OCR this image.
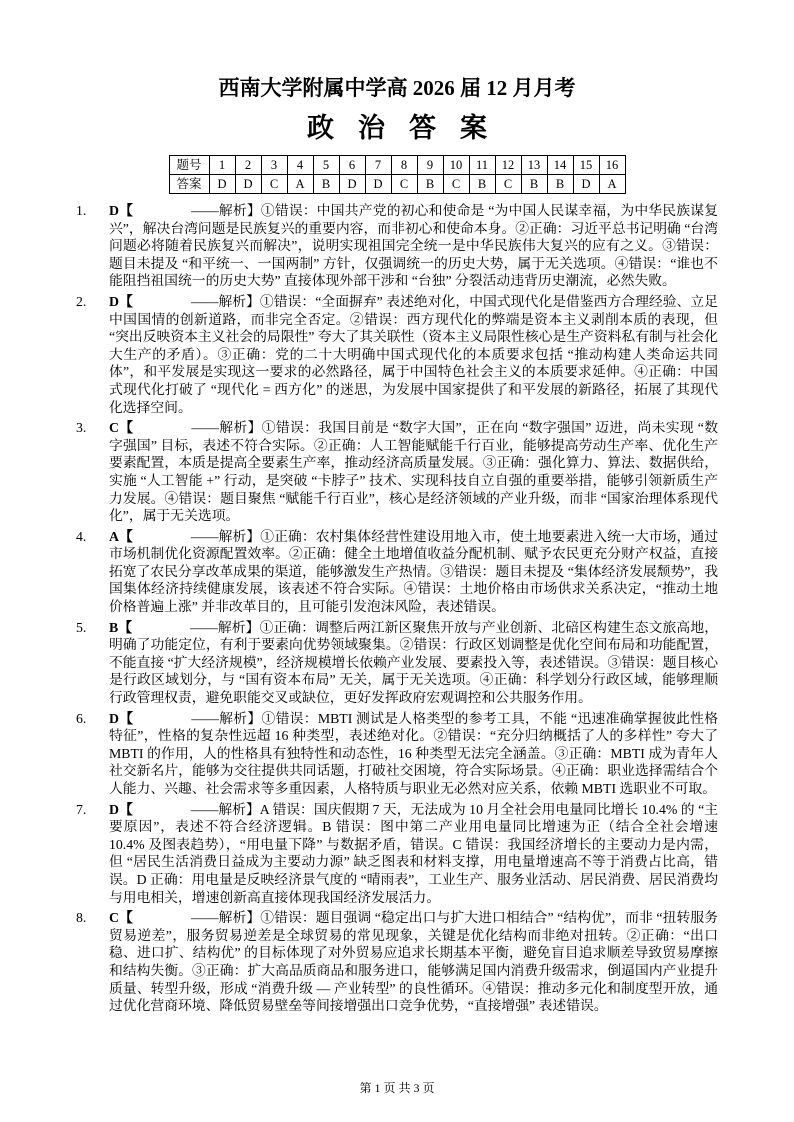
西南大学附属中学高 2026 届 12 月月考
政 治 答 案
题号	1	2	3	4	5	6	7	8	9	10	11	12	13	14	15	16
答案	D	D	C	A	B	D	D	C	B	C	B	C	B	B	D	A
1.	D【	——解析】①错误：中国共产党的初心和使命是 “为中国人民谋幸福，为中华民族谋复兴”，解决台湾问题是民族复兴的重要内容，而非初心和使命本身。②正确：习近平总书记明确 “台湾问题必将随着民族复兴而解决”，说明实现祖国完全统一是中华民族伟大复兴的应有之义。③错误：题目未提及 “和平统一、一国两制” 方针，仅强调统一的历史大势，属于无关选项。④错误：“谁也不能阻挡祖国统一的历史大势” 直接体现外部干涉和 “台独” 分裂活动违背历史潮流，必然失败。
2.	D【	——解析】①错误：“全面摒弃” 表述绝对化，中国式现代化是借鉴西方合理经验、立足中国国情的创新道路，而非完全否定。②错误：西方现代化的弊端是资本主义剥削本质的表现，但 “突出反映资本主义社会的局限性” 夸大了其关联性（资本主义局限性核心是生产资料私有制与社会化大生产的矛盾）。③正确：党的二十大明确中国式现代化的本质要求包括 “推动构建人类命运共同体”，和平发展是实现这一要求的必然路径，属于中国特色社会主义的本质要求延伸。④正确：中国式现代化打破了 “现代化 = 西方化” 的迷思，为发展中国家提供了和平发展的新路径，拓展了其现代化选择空间。
3.	C【	——解析】①错误：我国目前是 “数字大国”，正在向 “数字强国” 迈进，尚未实现 “数字强国” 目标，表述不符合实际。②正确：人工智能赋能千行百业，能够提高劳动生产率、优化生产要素配置，本质是提高全要素生产率，推动经济高质量发展。③正确：强化算力、算法、数据供给，实施 “人工智能 +” 行动，是突破 “卡脖子” 技术、实现科技自立自强的重要举措，能够引领新质生产力发展。④错误：题目聚焦 “赋能千行百业”，核心是经济领域的产业升级，而非 “国家治理体系现代化”，属于无关选项。
4.	A【	——解析】①正确：农村集体经营性建设用地入市，使土地要素进入统一大市场，通过市场机制优化资源配置效率。②正确：健全土地增值收益分配机制、赋予农民更充分财产权益，直接拓宽了农民分享改革成果的渠道，能够激发生产热情。③错误：题目未提及 “集体经济发展颓势”，我国集体经济持续健康发展，该表述不符合实际。④错误：土地价格由市场供求关系决定，“推动土地价格普遍上涨” 并非改革目的，且可能引发泡沫风险，表述错误。
5.	B【	——解析】①正确：调整后两江新区聚焦开放与产业创新、北碚区构建生态文旅高地，明确了功能定位，有利于要素向优势领域聚集。②错误：行政区划调整是优化空间布局和功能配置，不能直接 “扩大经济规模”，经济规模增长依赖产业发展、要素投入等，表述错误。③错误：题目核心是行政区域划分，与 “国有资本布局” 无关，属于无关选项。④正确：科学划分行政区域，能够理顺行政管理权责，避免职能交叉或缺位，更好发挥政府宏观调控和公共服务作用。
6.	D【	——解析】①错误：MBTI 测试是人格类型的参考工具，不能 “迅速准确掌握彼此性格特征”，性格的复杂性远超 16 种类型，表述绝对化。②错误：“充分归纳概括了人的多样性” 夸大了 MBTI 的作用，人的性格具有独特性和动态性，16 种类型无法完全涵盖。③正确：MBTI 成为青年人社交新名片，能够为交往提供共同话题，打破社交困境，符合实际场景。④正确：职业选择需结合个人能力、兴趣、社会需求等多重因素，人格特质与职业无必然对应关系，依赖 MBTI 选职业不可取。
7.	D【	——解析】A 错误：国庆假期 7 天，无法成为 10 月全社会用电量同比增长 10.4% 的 “主要原因”，表述不符合经济逻辑。B 错误：图中第二产业用电量同比增速为正（结合全社会增速 10.4% 及图表趋势），“用电量下降” 与数据矛盾，错误。C 错误：我国经济增长的主要动力是内需，但 “居民生活消费日益成为主要动力源” 缺乏图表和材料支撑，用电量增速高不等于消费占比高，错误。D 正确：用电量是反映经济景气度的 “晴雨表”，工业生产、服务业活动、居民消费、居民消费均与用电相关，增速创新高直接体现我国经济发展活力。
8.	C【	——解析】①错误：题目强调 “稳定出口与扩大进口相结合” “结构优”，而非 “扭转服务贸易逆差”，服务贸易逆差是全球贸易的常见现象，关键是优化结构而非绝对扭转。②正确：“出口稳、进口扩、结构优” 的目标体现了对外贸易应追求长期基本平衡，避免盲目追求顺差导致贸易摩擦和结构失衡。③正确：扩大高品质商品和服务进口，能够满足国内消费升级需求，倒逼国内产业提升质量、转型升级，形成 “消费升级 — 产业转型” 的良性循环。④错误：推动多元化和制度型开放，通过优化营商环境、降低贸易壁垒等间接增强出口竞争优势，“直接增强” 表述错误。
第 1 页 共 3 页
